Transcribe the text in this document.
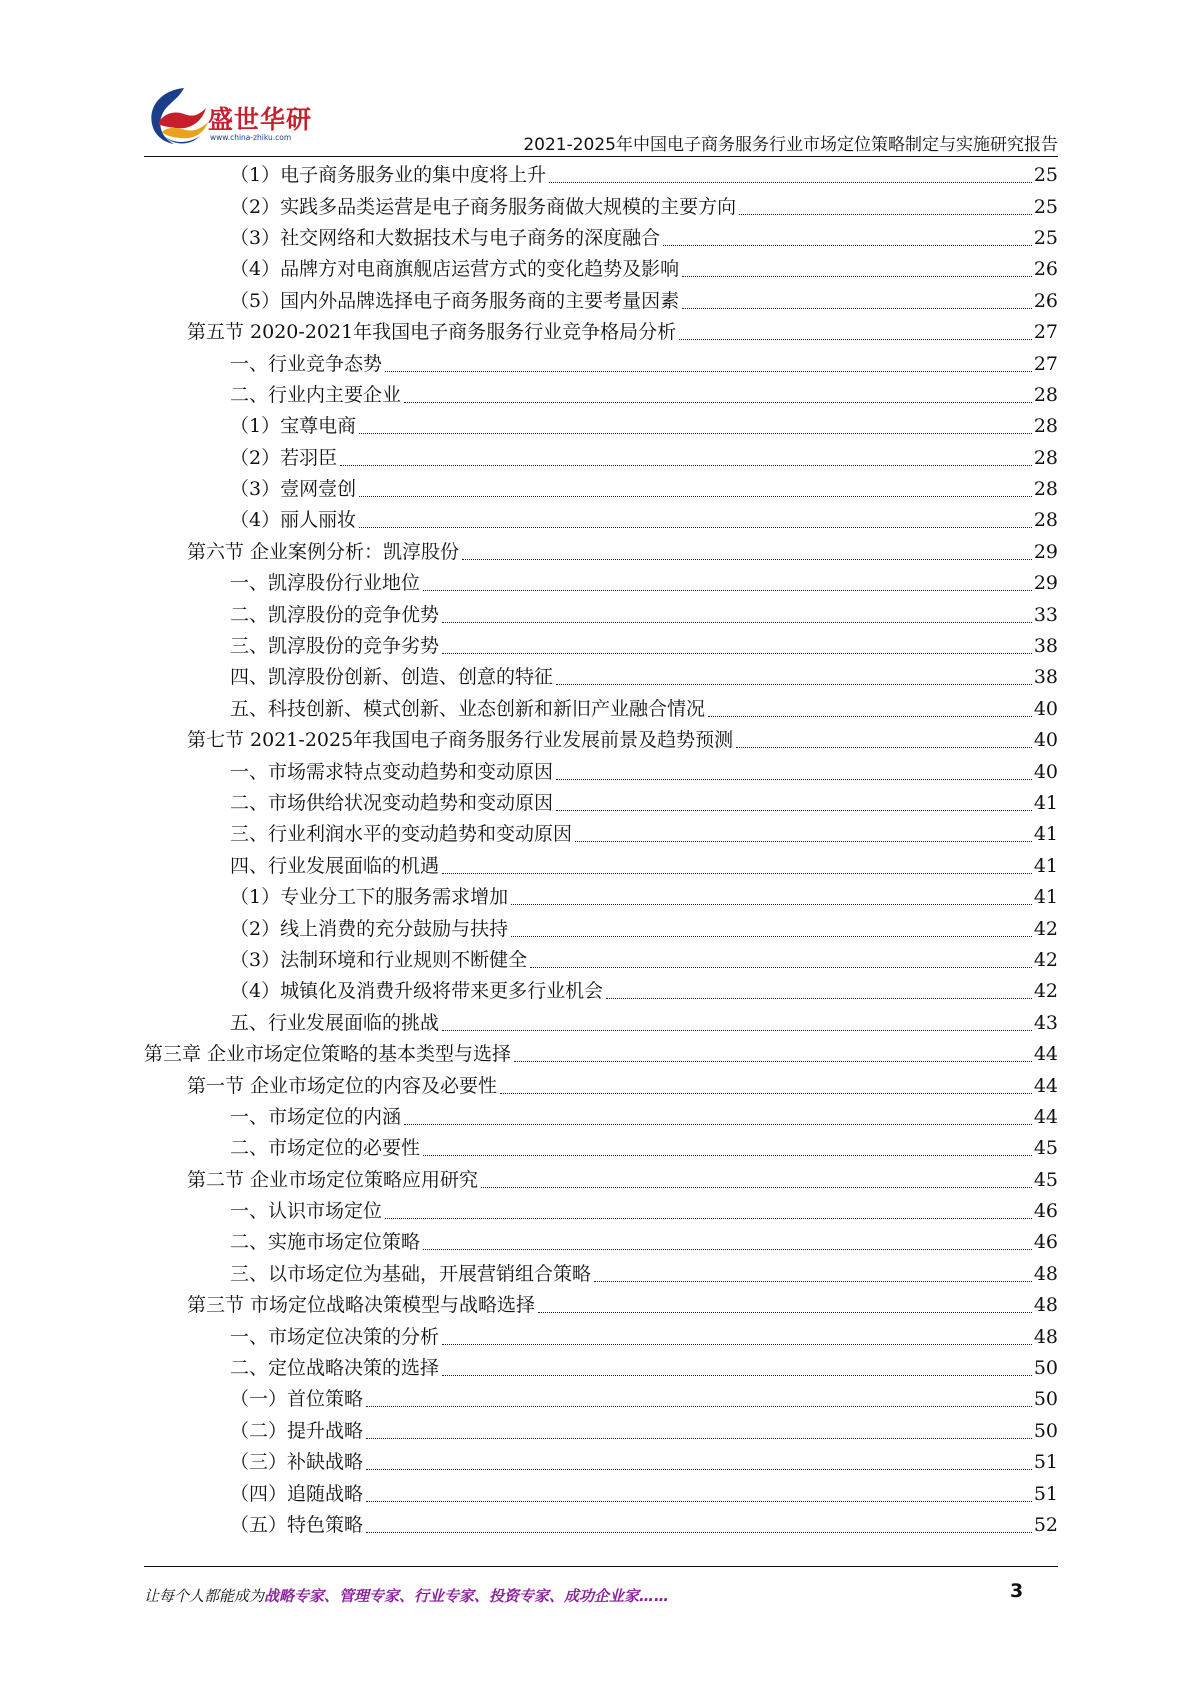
盛世华研
www.china-zhiku.com	2021-2025年中国电子商务服务行业市场定位策略制定与实施研究报告
（1）电子商务服务业的集中度将上升	25
（2）实践多品类运营是电子商务服务商做大规模的主要方向	25
（3）社交网络和大数据技术与电子商务的深度融合	25
（4）品牌方对电商旗舰店运营方式的变化趋势及影响	26
（5）国内外品牌选择电子商务服务商的主要考量因素	26
第五节 2020-2021年我国电子商务服务行业竞争格局分析	27
一、行业竞争态势	27
二、行业内主要企业	28
（1）宝尊电商	28
（2）若羽臣	28
（3）壹网壹创	28
（4）丽人丽妆	28
第六节 企业案例分析：凯淳股份	29
一、凯淳股份行业地位	29
二、凯淳股份的竞争优势	33
三、凯淳股份的竞争劣势	38
四、凯淳股份创新、创造、创意的特征	38
五、科技创新、模式创新、业态创新和新旧产业融合情况	40
第七节 2021-2025年我国电子商务服务行业发展前景及趋势预测	40
一、市场需求特点变动趋势和变动原因	40
二、市场供给状况变动趋势和变动原因	41
三、行业利润水平的变动趋势和变动原因	41
四、行业发展面临的机遇	41
（1）专业分工下的服务需求增加	41
（2）线上消费的充分鼓励与扶持	42
（3）法制环境和行业规则不断健全	42
（4）城镇化及消费升级将带来更多行业机会	42
五、行业发展面临的挑战	43
第三章 企业市场定位策略的基本类型与选择	44
第一节 企业市场定位的内容及必要性	44
一、市场定位的内涵	44
二、市场定位的必要性	45
第二节 企业市场定位策略应用研究	45
一、认识市场定位	46
二、实施市场定位策略	46
三、以市场定位为基础，开展营销组合策略	48
第三节 市场定位战略决策模型与战略选择	48
一、市场定位决策的分析	48
二、定位战略决策的选择	50
（一）首位策略	50
（二）提升战略	50
（三）补缺战略	51
（四）追随战略	51
（五）特色策略	52
让每个人都能成为战略专家、管理专家、行业专家、投资专家、成功企业家……	3
